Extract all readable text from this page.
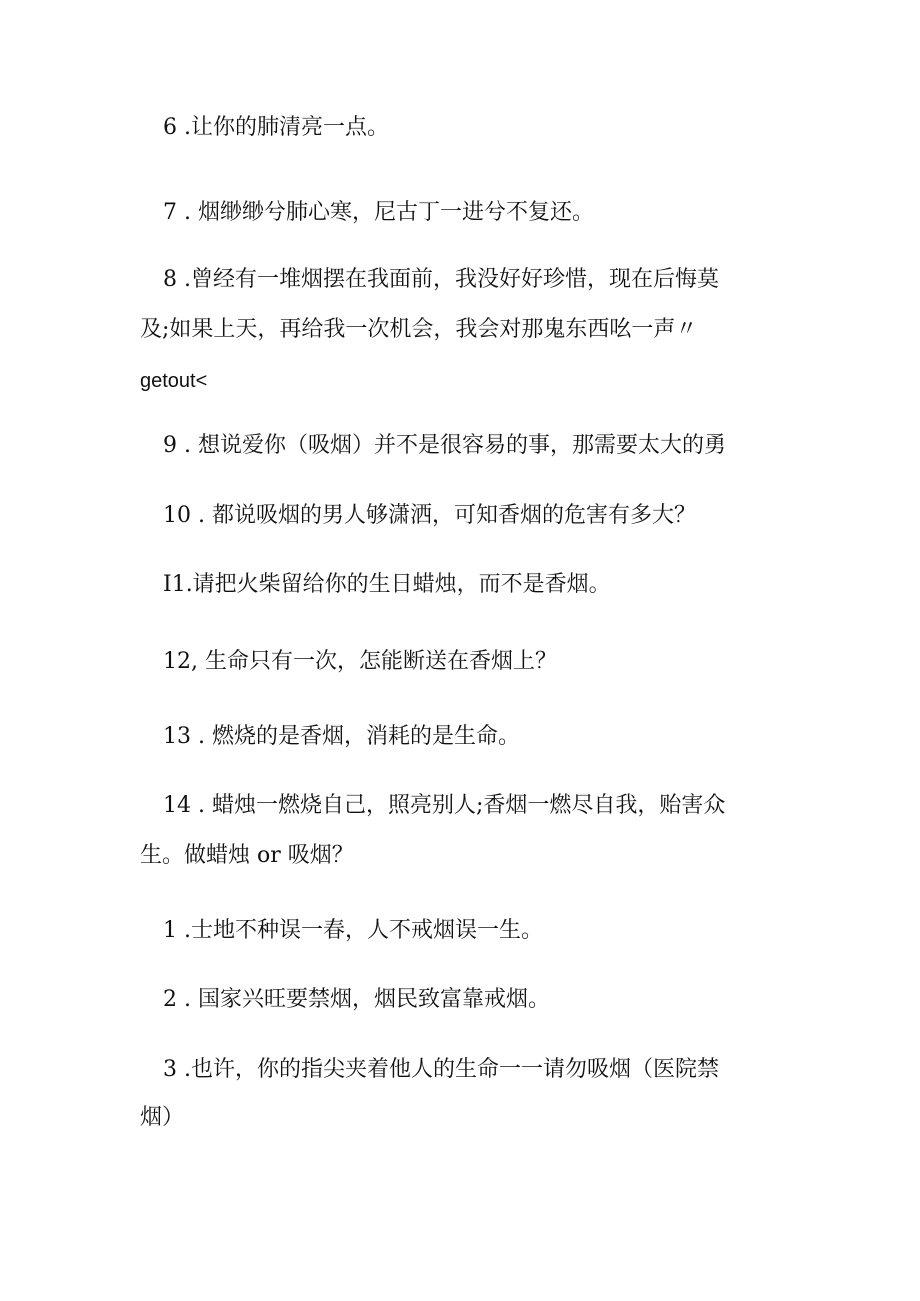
6 .让你的肺清亮一点。
7 . 烟缈缈兮肺心寒，尼古丁一进兮不复还。
8 .曾经有一堆烟摆在我面前，我没好好珍惜，现在后悔莫
及;如果上天，再给我一次机会，我会对那鬼东西吆一声〃
getout<
9 . 想说爱你（吸烟）并不是很容易的事，那需要太大的勇
10 . 都说吸烟的男人够潇洒，可知香烟的危害有多大？
I1.请把火柴留给你的生日蜡烛，而不是香烟。
12, 生命只有一次，怎能断送在香烟上？
13 . 燃烧的是香烟，消耗的是生命。
14 . 蜡烛一燃烧自己，照亮别人;香烟一燃尽自我，贻害众
生。做蜡烛 or 吸烟？
1 .士地不种误一春，人不戒烟误一生。
2 . 国家兴旺要禁烟，烟民致富靠戒烟。
3 .也许，你的指尖夹着他人的生命一一请勿吸烟（医院禁
烟）
